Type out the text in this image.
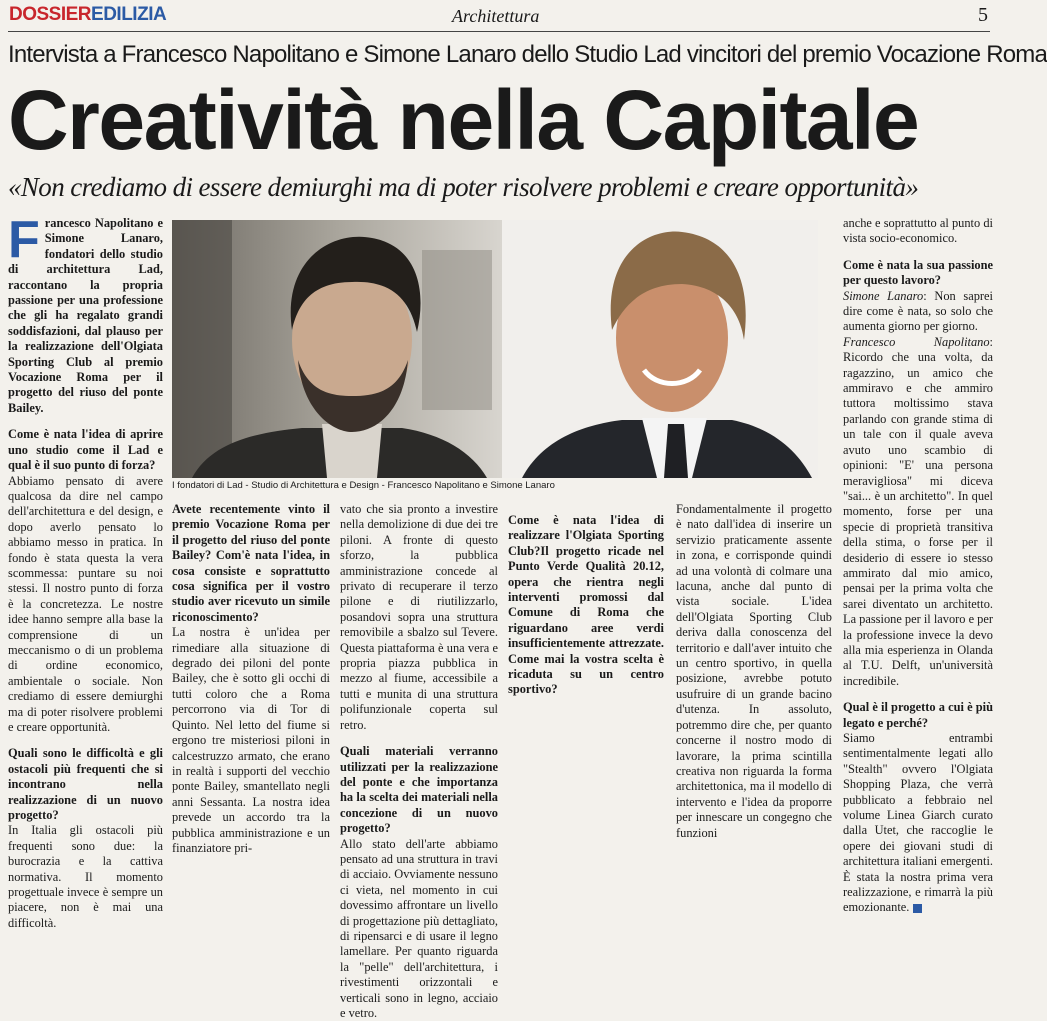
DOSSIEREDILIZIA	Architettura	5
Intervista a Francesco Napolitano e Simone Lanaro dello Studio Lad vincitori del premio Vocazione Roma
Creatività nella Capitale
«Non crediamo di essere demiurghi ma di poter risolvere problemi e creare opportunità»

Francesco Napolitano e Simone Lanaro, fondatori dello studio di architettura Lad, raccontano la propria passione per una professione che gli ha regalato grandi soddisfazioni, dal plauso per la realizzazione dell'Olgiata Sporting Club al premio Vocazione Roma per il progetto del riuso del ponte Bailey.

Come è nata l'idea di aprire uno studio come il Lad e qual è il suo punto di forza?

Abbiamo pensato di avere qualcosa da dire nel campo dell'architettura e del design, e dopo averlo pensato lo abbiamo messo in pratica. In fondo è stata questa la vera scommessa: puntare su noi stessi. Il nostro punto di forza è la concretezza. Le nostre idee hanno sempre alla base la comprensione di un meccanismo o di un problema di ordine economico, ambientale o sociale. Non crediamo di essere demiurghi ma di poter risolvere problemi e creare opportunità.

Quali sono le difficoltà e gli ostacoli più frequenti che si incontrano nella realizzazione di un nuovo progetto?

In Italia gli ostacoli più frequenti sono due: la burocrazia e la cattiva normativa. Il momento progettuale invece è sempre un piacere, non è mai una difficoltà.

I fondatori di Lad - Studio di Architettura e Design - Francesco Napolitano e Simone Lanaro

Avete recentemente vinto il premio Vocazione Roma per il progetto del riuso del ponte Bailey? Com'è nata l'idea, in cosa consiste e soprattutto cosa significa per il vostro studio aver ricevuto un simile riconoscimento?

La nostra è un'idea per rimediare alla situazione di degrado dei piloni del ponte Bailey, che è sotto gli occhi di tutti coloro che a Roma percorrono via di Tor di Quinto. Nel letto del fiume si ergono tre misteriosi piloni in calcestruzzo armato, che erano in realtà i supporti del vecchio ponte Bailey, smantellato negli anni Sessanta. La nostra idea prevede un accordo tra la pubblica amministrazione e un finanziatore pri-

vato che sia pronto a investire nella demolizione di due dei tre piloni. A fronte di questo sforzo, la pubblica amministrazione concede al privato di recuperare il terzo pilone e di riutilizzarlo, posandovi sopra una struttura removibile a sbalzo sul Tevere. Questa piattaforma è una vera e propria piazza pubblica in mezzo al fiume, accessibile a tutti e munita di una struttura polifunzionale coperta sul retro.

Quali materiali verranno utilizzati per la realizzazione del ponte e che importanza ha la scelta dei materiali nella concezione di un nuovo progetto?

Allo stato dell'arte abbiamo pensato ad una struttura in travi di acciaio. Ovviamente nessuno ci vieta, nel momento in cui dovessimo affrontare un livello di progettazione più dettagliato, di ripensarci e di usare il legno lamellare. Per quanto riguarda la "pelle" dell'architettura, i rivestimenti orizzontali e verticali sono in legno, acciaio e vetro.

Come è nata l'idea di realizzare l'Olgiata Sporting Club?Il progetto ricade nel Punto Verde Qualità 20.12, opera che rientra negli interventi promossi dal Comune di Roma che riguardano aree verdi insufficientemente attrezzate. Come mai la vostra scelta è ricaduta su un centro sportivo?

Fondamentalmente il progetto è nato dall'idea di inserire un servizio praticamente assente in zona, e corrisponde quindi ad una volontà di colmare una lacuna, anche dal punto di vista sociale. L'idea dell'Olgiata Sporting Club deriva dalla conoscenza del territorio e dall'aver intuito che un centro sportivo, in quella posizione, avrebbe potuto usufruire di un grande bacino d'utenza. In assoluto, potremmo dire che, per quanto concerne il nostro modo di lavorare, la prima scintilla creativa non riguarda la forma architettonica, ma il modello di intervento e l'idea da proporre per innescare un congegno che funzioni

anche e soprattutto al punto di vista socio-economico.

Come è nata la sua passione per questo lavoro?

Simone Lanaro: Non saprei dire come è nata, so solo che aumenta giorno per giorno.

Francesco Napolitano: Ricordo che una volta, da ragazzino, un amico che ammiravo e che ammiro tuttora moltissimo stava parlando con grande stima di un tale con il quale aveva avuto uno scambio di opinioni: "E' una persona meravigliosa" mi diceva "sai... è un architetto". In quel momento, forse per una specie di proprietà transitiva della stima, o forse per il desiderio di essere io stesso ammirato dal mio amico, pensai per la prima volta che sarei diventato un architetto. La passione per il lavoro e per la professione invece la devo alla mia esperienza in Olanda al T.U. Delft, un'università incredibile.

Qual è il progetto a cui è più legato e perché?

Siamo entrambi sentimentalmente legati allo "Stealth" ovvero l'Olgiata Shopping Plaza, che verrà pubblicato a febbraio nel volume Linea Giarch curato dalla Utet, che raccoglie le opere dei giovani studi di architettura italiani emergenti. È stata la nostra prima vera realizzazione, e rimarrà la più emozionante.
